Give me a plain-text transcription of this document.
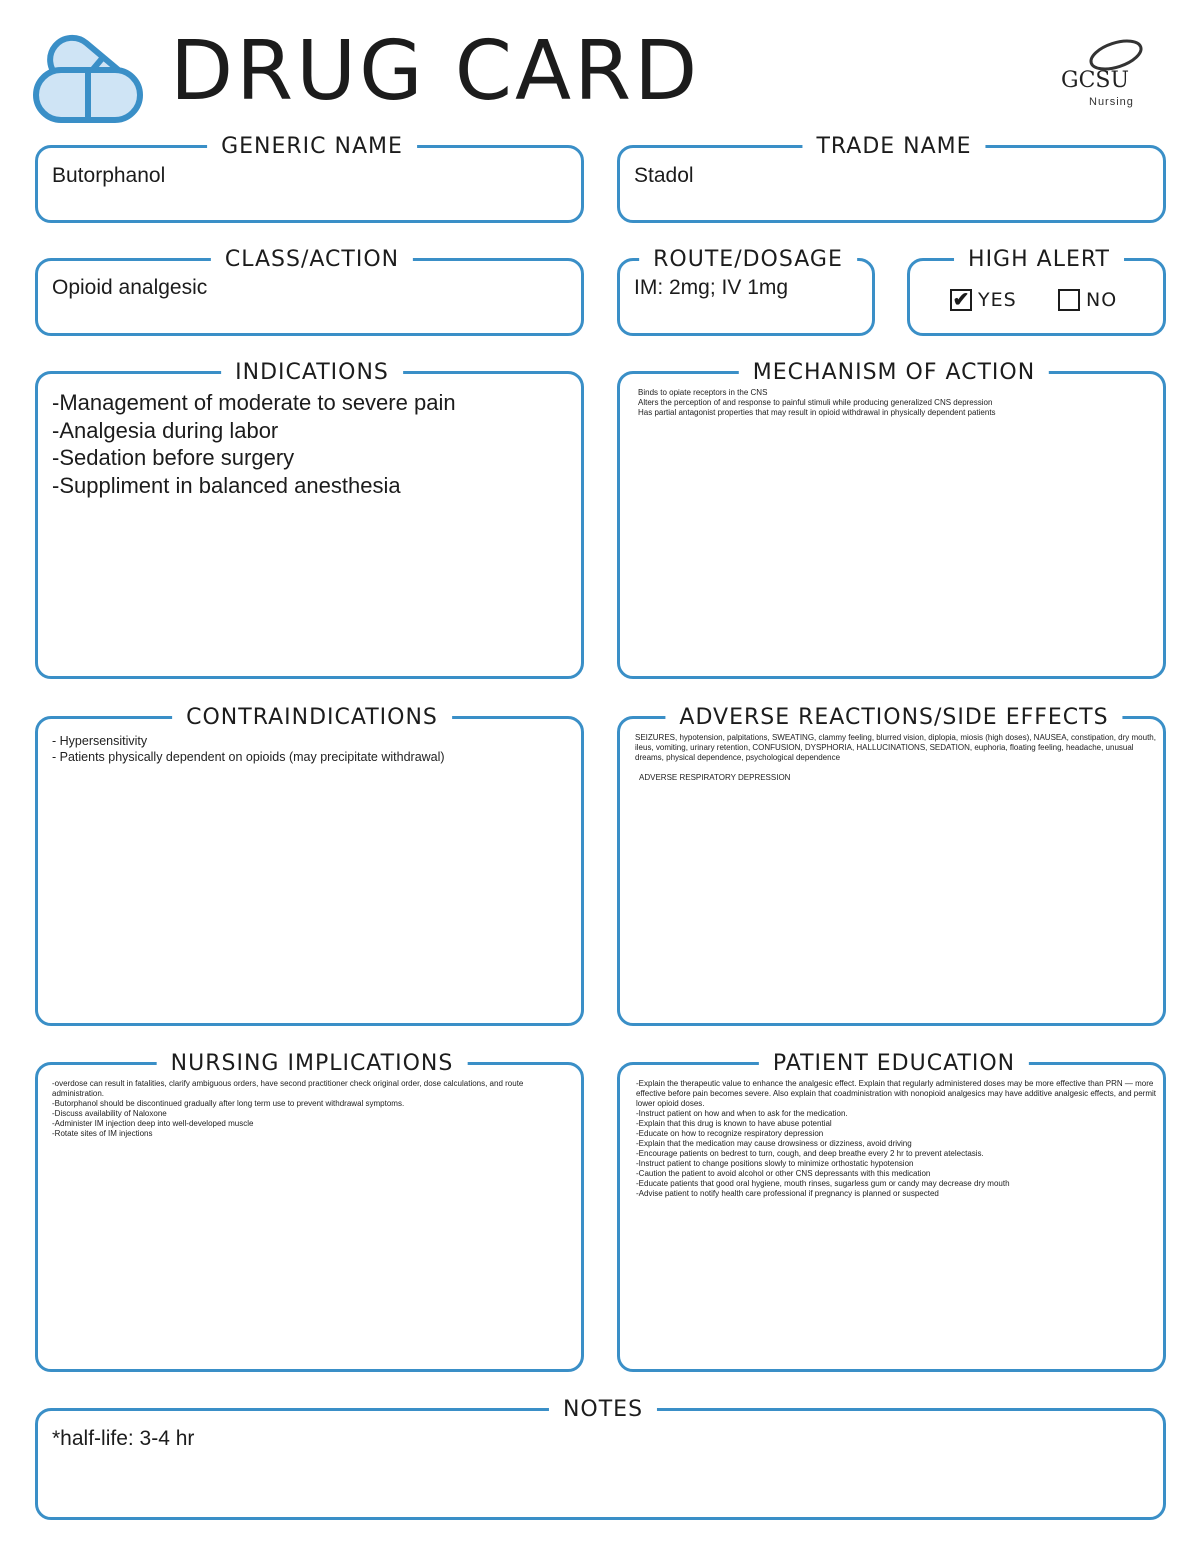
DRUG CARD	GCSU
Nursing
GENERIC NAME
Butorphanol
TRADE NAME
Stadol
CLASS/ACTION
Opioid analgesic
ROUTE/DOSAGE
IM: 2mg; IV 1mg
HIGH ALERT
✔ YES	NO
INDICATIONS
-Management of moderate to severe pain
-Analgesia during labor
-Sedation before surgery
-Suppliment in balanced anesthesia
MECHANISM OF ACTION
Binds to opiate receptors in the CNS
Alters the perception of and response to painful stimuli while producing generalized CNS depression
Has partial antagonist properties that may result in opioid withdrawal in physically dependent patients
CONTRAINDICATIONS
- Hypersensitivity
- Patients physically dependent on opioids (may precipitate withdrawal)
ADVERSE REACTIONS/SIDE EFFECTS
SEIZURES, hypotension, palpitations, SWEATING, clammy feeling, blurred vision, diplopia, miosis (high doses), NAUSEA, constipation, dry mouth,
ileus, vomiting, urinary retention, CONFUSION, DYSPHORIA, HALLUCINATIONS, SEDATION, euphoria, floating feeling, headache, unusual
dreams, physical dependence, psychological dependence
ADVERSE RESPIRATORY DEPRESSION
NURSING IMPLICATIONS
-overdose can result in fatalities, clarify ambiguous orders, have second practitioner check original order, dose calculations, and route
administration.
-Butorphanol should be discontinued gradually after long term use to prevent withdrawal symptoms.
-Discuss availability of Naloxone
-Administer IM injection deep into well-developed muscle
-Rotate sites of IM injections
PATIENT EDUCATION
-Explain the therapeutic value to enhance the analgesic effect. Explain that regularly administered doses may be more effective than PRN — more
effective before pain becomes severe. Also explain that coadministration with nonopioid analgesics may have additive analgesic effects, and permit
lower opioid doses.
-Instruct patient on how and when to ask for the medication.
-Explain that this drug is known to have abuse potential
-Educate on how to recognize respiratory depression
-Explain that the medication may cause drowsiness or dizziness, avoid driving
-Encourage patients on bedrest to turn, cough, and deep breathe every 2 hr to prevent atelectasis.
-Instruct patient to change positions slowly to minimize orthostatic hypotension
-Caution the patient to avoid alcohol or other CNS depressants with this medication
-Educate patients that good oral hygiene, mouth rinses, sugarless gum or candy may decrease dry mouth
-Advise patient to notify health care professional if pregnancy is planned or suspected
NOTES
*half-life: 3-4 hr
